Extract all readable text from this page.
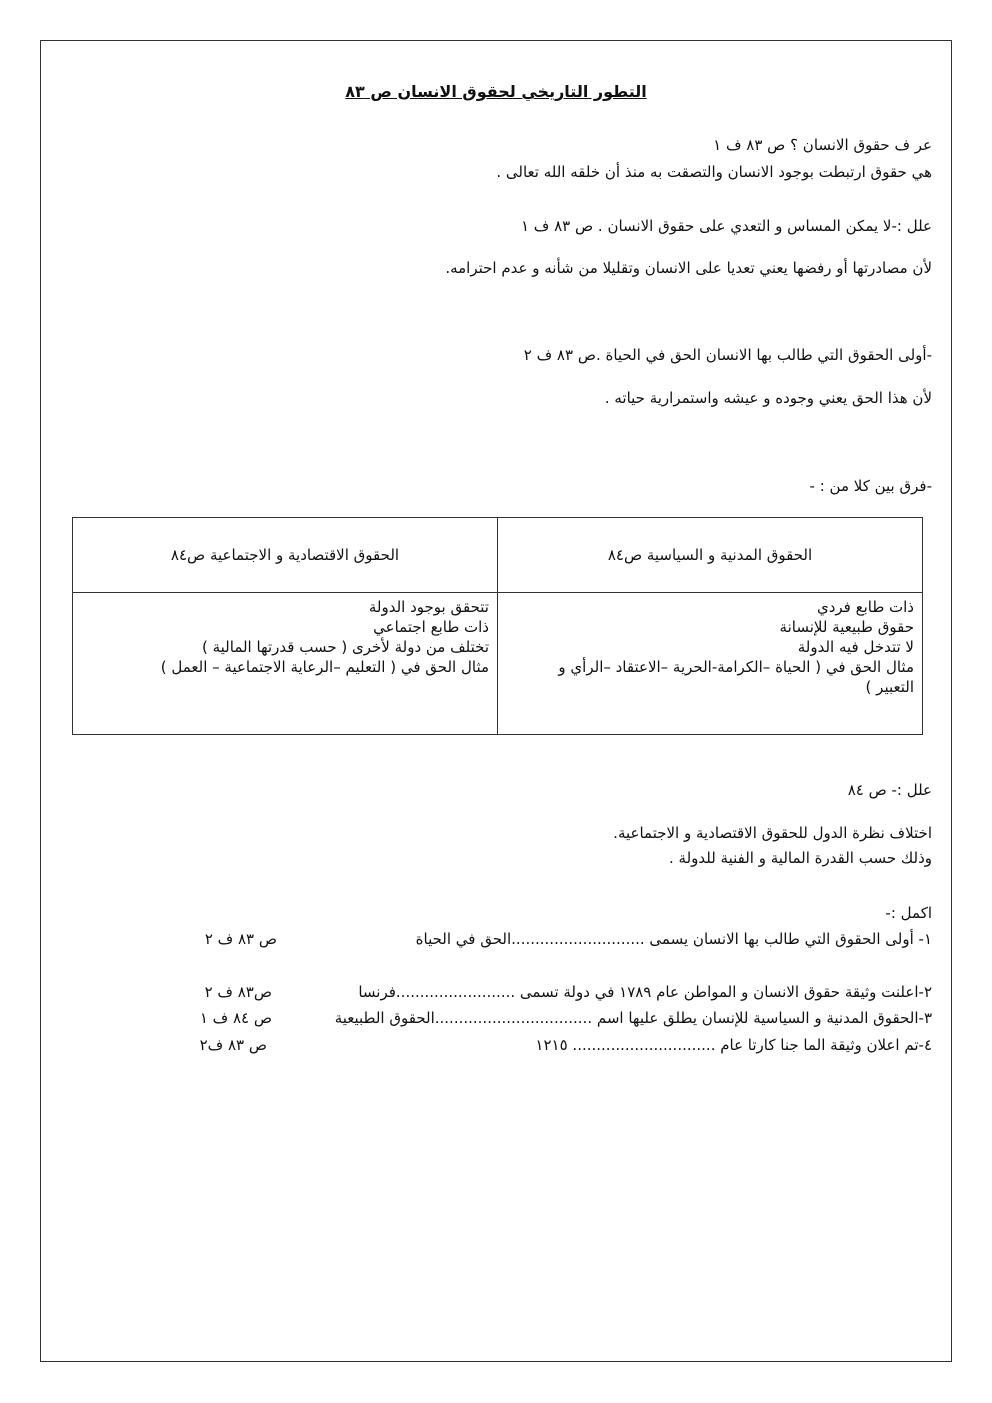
التطور التاريخي لحقوق الانسان ص ٨٣
عر ف حقوق الانسان ؟ ص ٨٣ ف ١
هي حقوق ارتبطت بوجود الانسان والتصقت به منذ أن خلقه الله تعالى .
علل :-لا يمكن المساس و التعدي على حقوق الانسان . ص ٨٣ ف ١
لأن مصادرتها أو رفضها يعني تعديا على الانسان وتقليلا من شأنه و عدم احترامه.
-أولى الحقوق التي طالب بها الانسان الحق في الحياة .ص ٨٣ ف ٢
لأن هذا الحق يعني وجوده و عيشه واستمرارية حياته .
-فرق بين كلا من : -
الحقوق المدنية و السياسية ص٨٤	الحقوق الاقتصادية و الاجتماعية ص٨٤

ذات طابع فردي
حقوق طبيعية للإنسانة
لا تتدخل فيه الدولة
مثال الحق في ( الحياة –الكرامة-الحرية –الاعتقاد –الرأي و
التعبير )	تتحقق بوجود الدولة
ذات طابع اجتماعي
تختلف من دولة لأخرى ( حسب قدرتها المالية )
مثال الحق في ( التعليم –الرعاية الاجتماعية – العمل )
علل :- ص ٨٤
اختلاف نظرة الدول للحقوق الاقتصادية و الاجتماعية.
وذلك حسب القدرة المالية و الفنية للدولة .
اكمل :-
١- أولى الحقوق التي طالب بها الانسان يسمى ............................الحق في الحياة
ص ٨٣ ف ٢
٢-اعلنت وثيقة حقوق الانسان و المواطن عام ١٧٨٩ في دولة تسمى .........................فرنسا
ص٨٣ ف ٢
٣-الحقوق المدنية و السياسية للإنسان يطلق عليها اسم .................................الحقوق الطبيعية
ص ٨٤ ف ١
٤-تم اعلان وثيقة الما جنا كارتا عام .............................. ١٢١٥
ص ٨٣ ف٢
